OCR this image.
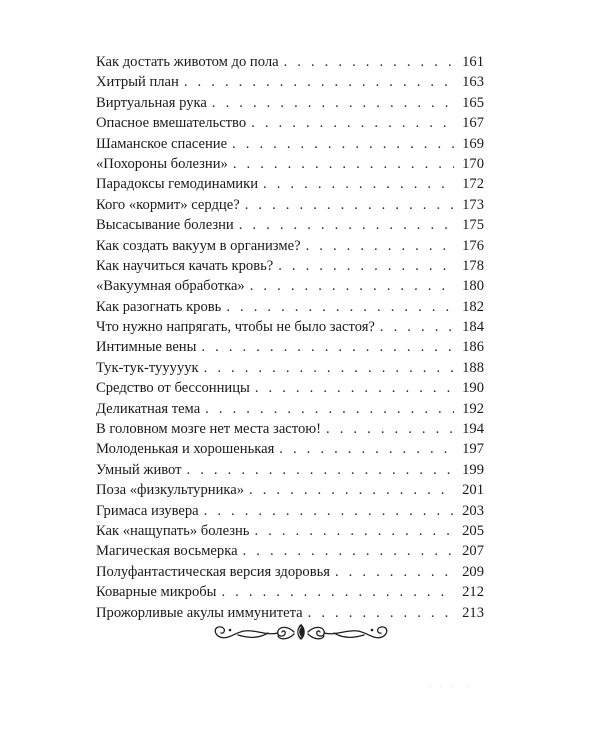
Как достать животом до пола . . .	161
Хитрый план . . .	163
Виртуальная рука . . .	165
Опасное вмешательство . . .	167
Шаманское спасение . . .	169
«Похороны болезни» . . .	170
Парадоксы гемодинамики . . .	172
Кого «кормит» сердце? . . .	173
Высасывание болезни . . .	175
Как создать вакуум в организме? . . .	176
Как научиться качать кровь? . . .	178
«Вакуумная обработка» . . .	180
Как разогнать кровь . . .	182
Что нужно напрягать, чтобы не было застоя? . . .	184
Интимные вены . . .	186
Тук-тук-тууууук . . .	188
Средство от бессонницы . . .	190
Деликатная тема . . .	192
В головном мозге нет места застою! . . .	194
Молоденькая и хорошенькая . . .	197
Умный живот . . .	199
Поза «физкультурника» . . .	201
Гримаса изувера . . .	203
Как «нащупать» болезнь . . .	205
Магическая восьмерка . . .	207
Полуфантастическая версия здоровья . . .	209
Коварные микробы . . .	212
Прожорливые акулы иммунитета . . .	213
· · ·  ·
